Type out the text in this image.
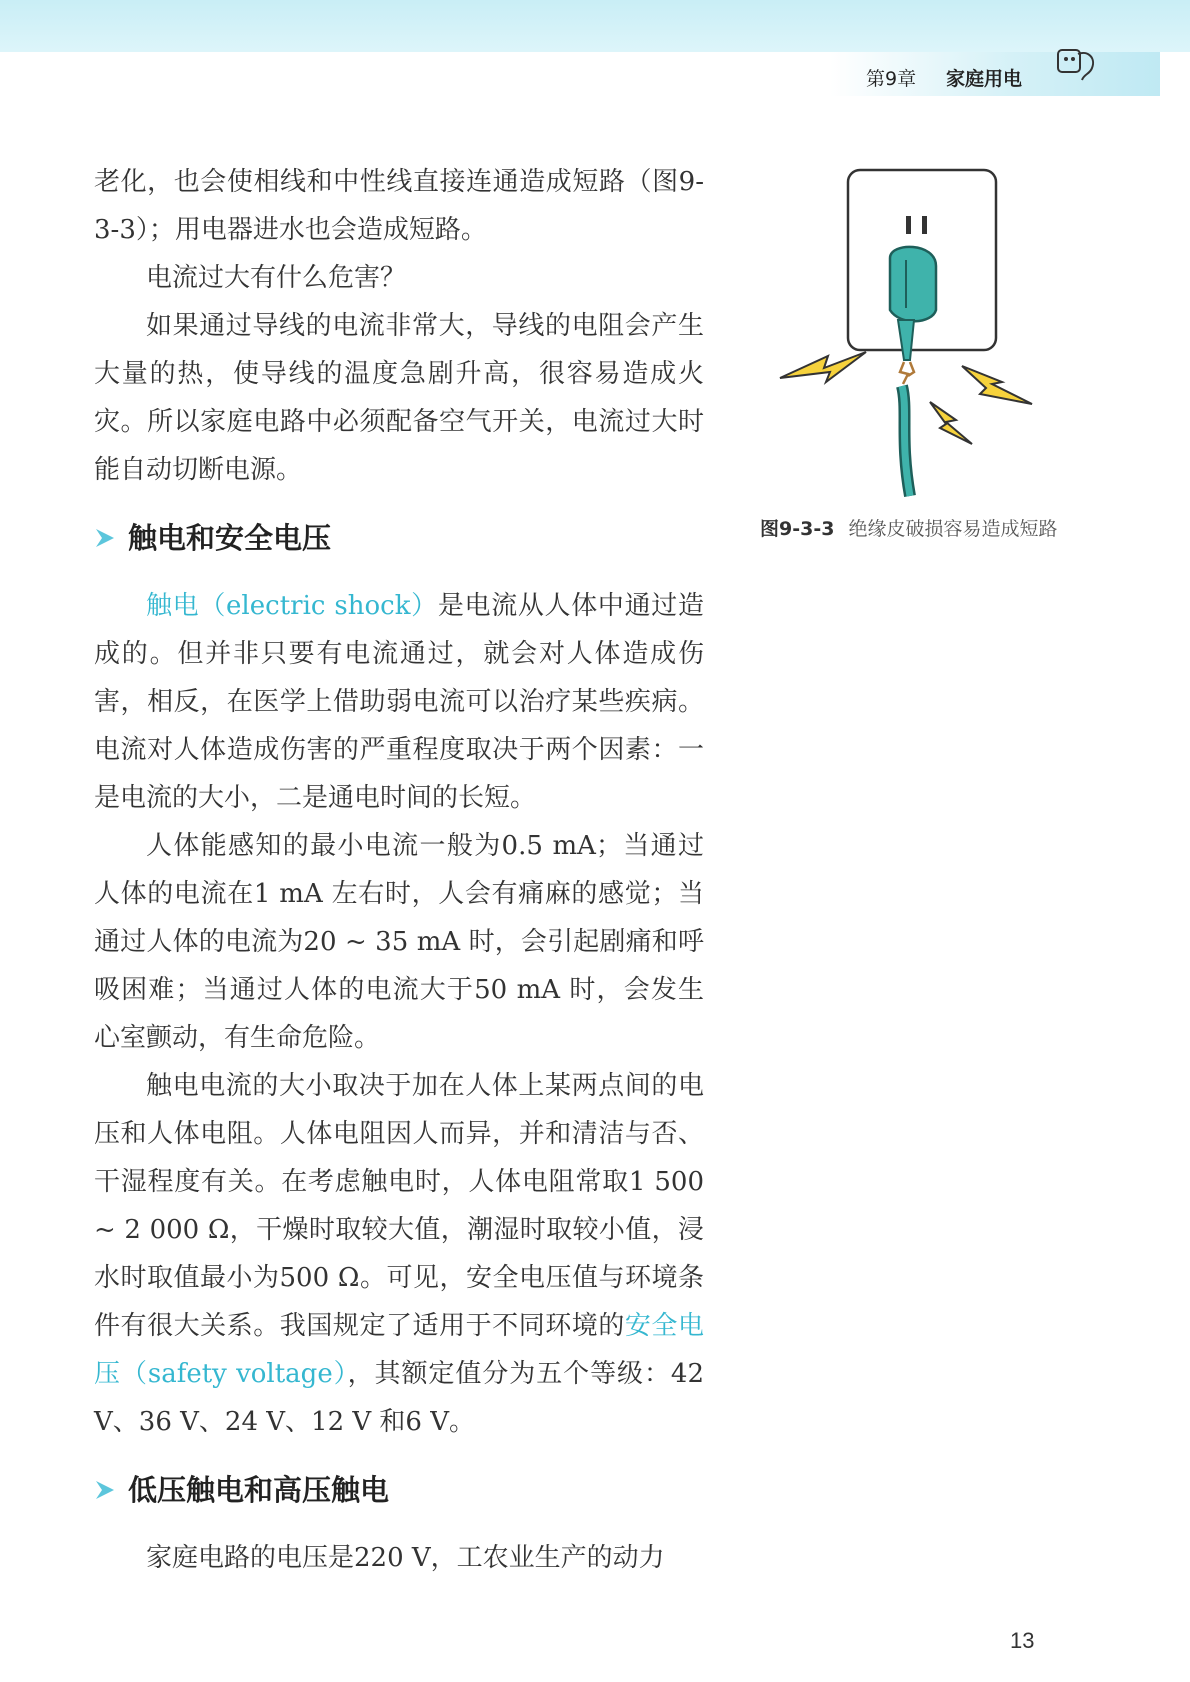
第9章 家庭用电

老化，也会使相线和中性线直接连通造成短路（图9-3-3）；用电器进水也会造成短路。

电流过大有什么危害？

如果通过导线的电流非常大，导线的电阻会产生大量的热，使导线的温度急剧升高，很容易造成火灾。所以家庭电路中必须配备空气开关，电流过大时能自动切断电源。

触电和安全电压

触电（electric shock）是电流从人体中通过造成的。但并非只要有电流通过，就会对人体造成伤害，相反，在医学上借助弱电流可以治疗某些疾病。电流对人体造成伤害的严重程度取决于两个因素：一是电流的大小，二是通电时间的长短。

人体能感知的最小电流一般为0.5 mA；当通过人体的电流在1 mA 左右时，人会有痛麻的感觉；当通过人体的电流为20 ~ 35 mA 时，会引起剧痛和呼吸困难；当通过人体的电流大于50 mA 时，会发生心室颤动，有生命危险。

触电电流的大小取决于加在人体上某两点间的电压和人体电阻。人体电阻因人而异，并和清洁与否、干湿程度有关。在考虑触电时，人体电阻常取1 500 ~ 2 000 Ω，干燥时取较大值，潮湿时取较小值，浸水时取值最小为500 Ω。可见，安全电压值与环境条件有很大关系。我国规定了适用于不同环境的安全电压（safety voltage），其额定值分为五个等级：42 V、36 V、24 V、12 V 和6 V。

低压触电和高压触电

家庭电路的电压是220 V，工农业生产的动力

图9-3-3 绝缘皮破损容易造成短路
13
